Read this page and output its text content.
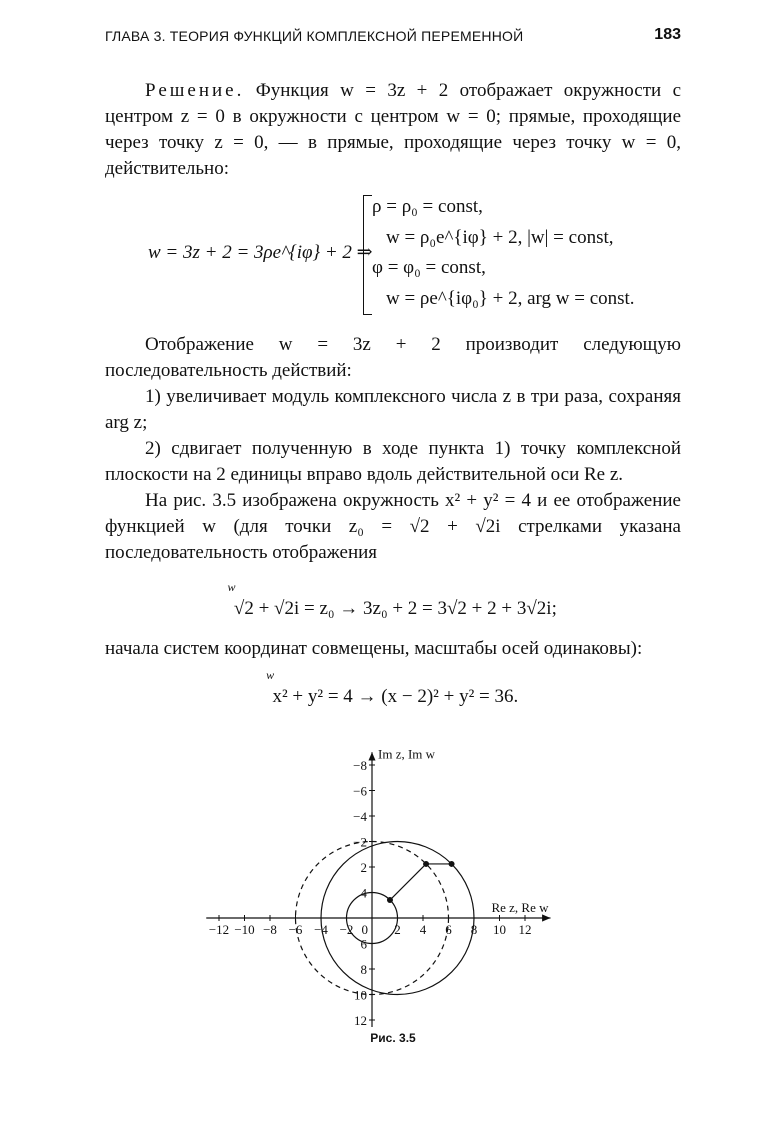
ГЛАВА 3. ТЕОРИЯ ФУНКЦИЙ КОМПЛЕКСНОЙ ПЕРЕМЕННОЙ	183

Решение. Функция w = 3z + 2 отображает окружности с центром z = 0 в окружности с центром w = 0; прямые, проходящие через точку z = 0, — в прямые, проходящие через точку w = 0, действительно:

w = 3z + 2 = 3ρe^{iφ} + 2 ⇒
ρ = ρ₀ = const,
w = ρ₀e^{iφ} + 2, |w| = const,
φ = φ₀ = const,
w = ρe^{iφ₀} + 2, arg w = const.

Отображение w = 3z + 2 производит следующую последовательность действий:

1) увеличивает модуль комплексного числа z в три раза, сохраняя arg z;

2) сдвигает полученную в ходе пункта 1) точку комплексной плоскости на 2 единицы вправо вдоль действительной оси Re z.

На рис. 3.5 изображена окружность x² + y² = 4 и ее отображение функцией w (для точки z₀ = √2 + √2i стрелками указана последовательность отображения

w
√2 + √2i = z₀ → 3z₀ + 2 = 3√2 + 2 + 3√2i;

начала систем координат совмещены, масштабы осей одинаковы):

w
x² + y² = 4 → (x − 2)² + y² = 36.
−12 −10 −8 −6 −4 −2	2 4 6 8 10 12
12
10
8
6
4
2
−2
−4
−6
−8
0
Im z, Im w
Re z, Re w
Рис. 3.5
